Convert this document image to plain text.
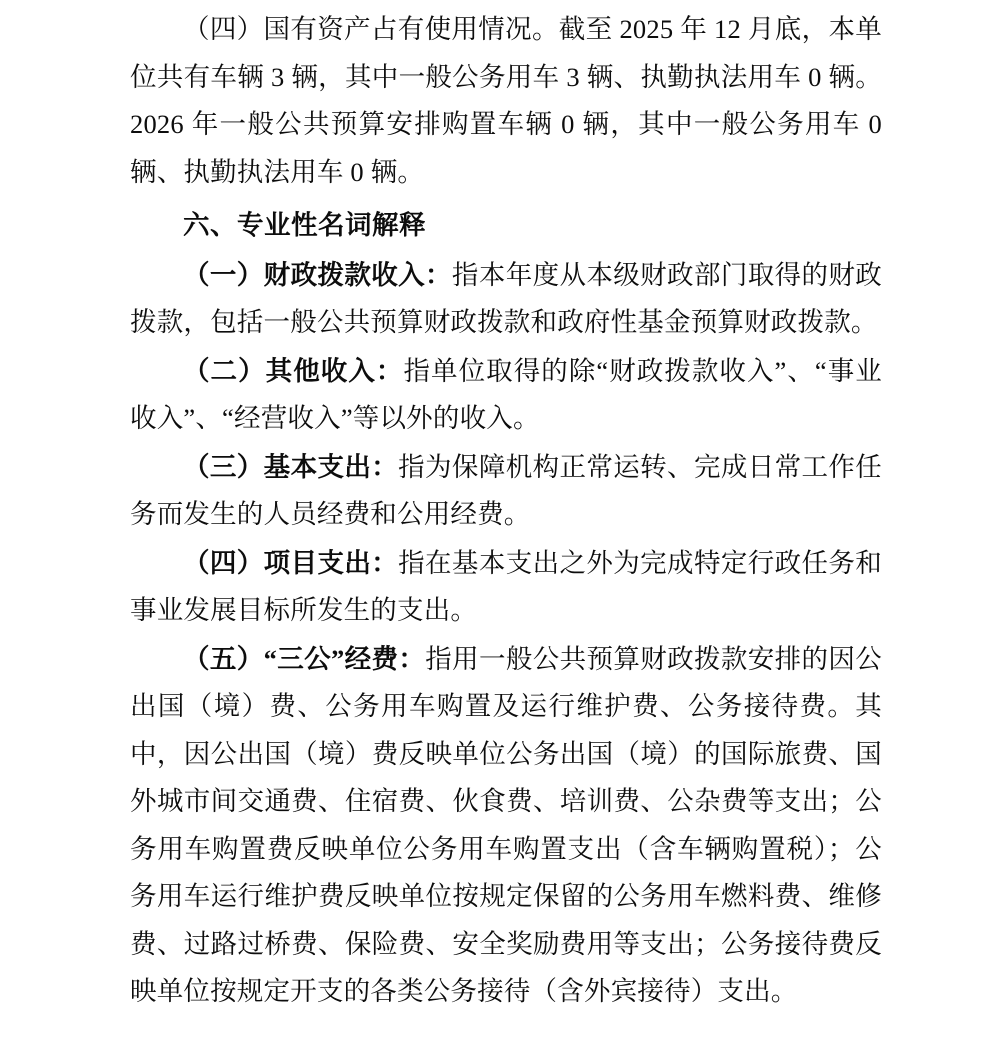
（四）国有资产占有使用情况。截至 2025 年 12 月底，本单位共有车辆 3 辆，其中一般公务用车 3 辆、执勤执法用车 0 辆。2026 年一般公共预算安排购置车辆 0 辆，其中一般公务用车 0 辆、执勤执法用车 0 辆。

六、专业性名词解释

（一）财政拨款收入：指本年度从本级财政部门取得的财政拨款，包括一般公共预算财政拨款和政府性基金预算财政拨款。

（二）其他收入：指单位取得的除“财政拨款收入”、“事业收入”、“经营收入”等以外的收入。

（三）基本支出：指为保障机构正常运转、完成日常工作任务而发生的人员经费和公用经费。

（四）项目支出：指在基本支出之外为完成特定行政任务和事业发展目标所发生的支出。

（五）“三公”经费：指用一般公共预算财政拨款安排的因公出国（境）费、公务用车购置及运行维护费、公务接待费。其中，因公出国（境）费反映单位公务出国（境）的国际旅费、国外城市间交通费、住宿费、伙食费、培训费、公杂费等支出；公务用车购置费反映单位公务用车购置支出（含车辆购置税）；公务用车运行维护费反映单位按规定保留的公务用车燃料费、维修费、过路过桥费、保险费、安全奖励费用等支出；公务接待费反映单位按规定开支的各类公务接待（含外宾接待）支出。
